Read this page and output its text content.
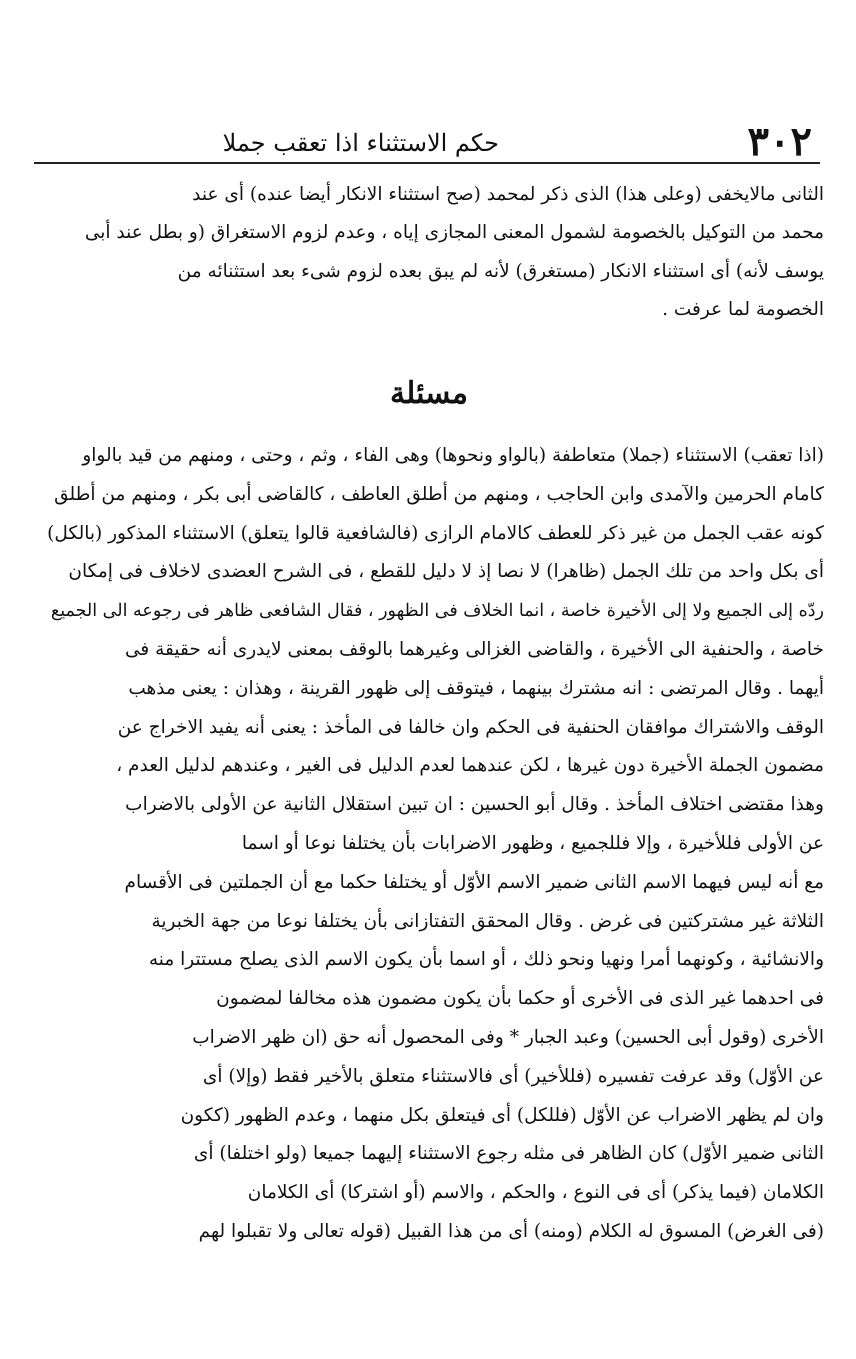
٣٠٢
حكم الاستثناء اذا تعقب جملا
الثانى مالايخفى (وعلى هذا) الذى ذكر لمحمد (صح استثناء الانكار أيضا عنده) أى عند
محمد من التوكيل بالخصومة لشمول المعنى المجازى إياه ، وعدم لزوم الاستغراق (و بطل عند أبى
يوسف لأنه) أى استثناء الانكار (مستغرق) لأنه لم يبق بعده لزوم شىء بعد استثنائه من
الخصومة لما عرفت .
مسئلة
(اذا تعقب) الاستثناء (جملا) متعاطفة (بالواو ونحوها) وهى الفاء ، وثم ، وحتى ، ومنهم من قيد بالواو
كامام الحرمين والآمدى وابن الحاجب ، ومنهم من أطلق العاطف ، كالقاضى أبى بكر ، ومنهم من أطلق
كونه عقب الجمل من غير ذكر للعطف كالامام الرازى (فالشافعية قالوا يتعلق) الاستثناء المذكور (بالكل)
أى بكل واحد من تلك الجمل (ظاهرا) لا نصا إذ لا دليل للقطع ، فى الشرح العضدى لاخلاف فى إمكان
ردّه إلى الجميع ولا إلى الأخيرة خاصة ، انما الخلاف فى الظهور ، فقال الشافعى ظاهر فى رجوعه الى الجميع
خاصة ، والحنفية الى الأخيرة ، والقاضى الغزالى وغيرهما بالوقف بمعنى لايدرى أنه حقيقة فى
أيهما . وقال المرتضى : انه مشترك بينهما ، فيتوقف إلى ظهور القرينة ، وهذان : يعنى مذهب
الوقف والاشتراك موافقان الحنفية فى الحكم وان خالفا فى المأخذ : يعنى أنه يفيد الاخراج عن
مضمون الجملة الأخيرة دون غيرها ، لكن عندهما لعدم الدليل فى الغير ، وعندهم لدليل العدم ،
وهذا مقتضى اختلاف المأخذ . وقال أبو الحسين : ان تبين استقلال الثانية عن الأولى بالاضراب
عن الأولى فللأخيرة ، وإلا فللجميع ، وظهور الاضرابات بأن يختلفا نوعا أو اسما
مع أنه ليس فيهما الاسم الثانى ضمير الاسم الأوّل أو يختلفا حكما مع أن الجملتين فى الأقسام
الثلاثة غير مشتركتين فى غرض . وقال المحقق التفتازانى بأن يختلفا نوعا من جهة الخبرية
والانشائية ، وكونهما أمرا ونهيا ونحو ذلك ، أو اسما بأن يكون الاسم الذى يصلح مستترا منه
فى احدهما غير الذى فى الأخرى أو حكما بأن يكون مضمون هذه مخالفا لمضمون
الأخرى (وقول أبى الحسين) وعبد الجبار * وفى المحصول أنه حق (ان ظهر الاضراب
عن الأوّل) وقد عرفت تفسيره (فللأخير) أى فالاستثناء متعلق بالأخير فقط (وإلا) أى
وان لم يظهر الاضراب عن الأوّل (فللكل) أى فيتعلق بكل منهما ، وعدم الظهور (ككون
الثانى ضمير الأوّل) كان الظاهر فى مثله رجوع الاستثناء إليهما جميعا (ولو اختلفا) أى
الكلامان (فيما يذكر) أى فى النوع ، والحكم ، والاسم (أو اشتركا) أى الكلامان
(فى الغرض) المسوق له الكلام (ومنه) أى من هذا القبيل (قوله تعالى ولا تقبلوا لهم
